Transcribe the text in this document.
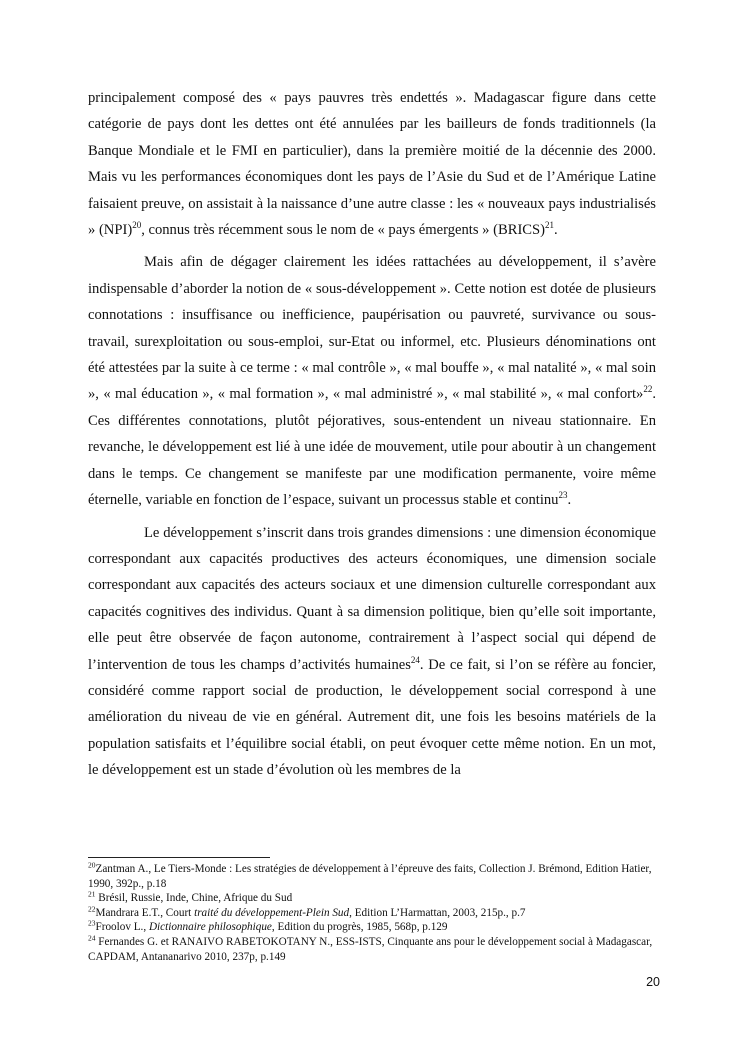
principalement composé des « pays pauvres très endettés ». Madagascar figure dans cette catégorie de pays dont les dettes ont été annulées par les bailleurs de fonds traditionnels (la Banque Mondiale et le FMI en particulier), dans la première moitié de la décennie des 2000. Mais vu les performances économiques dont les pays de l’Asie du Sud et de l’Amérique Latine faisaient preuve, on assistait à la naissance d’une autre classe : les « nouveaux pays industrialisés » (NPI)$^{20}$, connus très récemment sous le nom de « pays émergents » (BRICS)$^{21}$.

Mais afin de dégager clairement les idées rattachées au développement, il s’avère indispensable d’aborder la notion de « sous-développement ». Cette notion est dotée de plusieurs connotations : insuffisance ou inefficience, paupérisation ou pauvreté, survivance ou sous-travail, surexploitation ou sous-emploi, sur-Etat ou informel, etc. Plusieurs dénominations ont été attestées par la suite à ce terme : « mal contrôle », « mal bouffe », « mal natalité », « mal soin », « mal éducation », « mal formation », « mal administré », « mal stabilité », « mal confort»$^{22}$. Ces différentes connotations, plutôt péjoratives, sous-entendent un niveau stationnaire. En revanche, le développement est lié à une idée de mouvement, utile pour aboutir à un changement dans le temps. Ce changement se manifeste par une modification permanente, voire même éternelle, variable en fonction de l’espace, suivant un processus stable et continu$^{23}$.

Le développement s’inscrit dans trois grandes dimensions : une dimension économique correspondant aux capacités productives des acteurs économiques, une dimension sociale correspondant aux capacités des acteurs sociaux et une dimension culturelle correspondant aux capacités cognitives des individus. Quant à sa dimension politique, bien qu’elle soit importante, elle peut être observée de façon autonome, contrairement à l’aspect social qui dépend de l’intervention de tous les champs d’activités humaines$^{24}$. De ce fait, si l’on se réfère au foncier, considéré comme rapport social de production, le développement social correspond à une amélioration du niveau de vie en général. Autrement dit, une fois les besoins matériels de la population satisfaits et l’équilibre social établi, on peut évoquer cette même notion. En un mot, le développement est un stade d’évolution où les membres de la

$^{20}$Zantman A., Le Tiers-Monde : Les stratégies de développement à l’épreuve des faits, Collection J. Brémond, Edition Hatier, 1990, 392p., p.18

$^{21}$ Brésil, Russie, Inde, Chine, Afrique du Sud

$^{22}$Mandrara E.T., Court traité du développement-Plein Sud, Edition L’Harmattan, 2003, 215p., p.7

$^{23}$Froolov L., Dictionnaire philosophique, Edition du progrès, 1985, 568p, p.129

$^{24}$ Fernandes G. et RANAIVO RABETOKOTANY N., ESS-ISTS, Cinquante ans pour le développement social à Madagascar, CAPDAM, Antananarivo 2010, 237p, p.149

20
